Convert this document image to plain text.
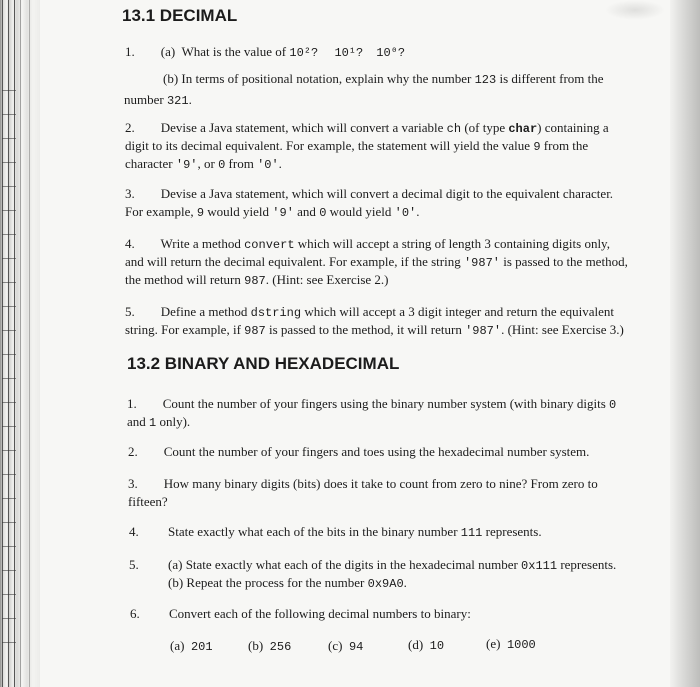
13.1 DECIMAL
1. (a) What is the value of 10²? 10¹? 10⁰?
(b) In terms of positional notation, explain why the number 123 is different from the
number 321.
2. Devise a Java statement, which will convert a variable ch (of type char) containing a
digit to its decimal equivalent. For example, the statement will yield the value 9 from the
character '9', or 0 from '0'.
3. Devise a Java statement, which will convert a decimal digit to the equivalent character.
For example, 9 would yield '9' and 0 would yield '0'.
4. Write a method convert which will accept a string of length 3 containing digits only,
and will return the decimal equivalent. For example, if the string '987' is passed to the method,
the method will return 987. (Hint: see Exercise 2.)
5. Define a method dstring which will accept a 3 digit integer and return the equivalent
string. For example, if 987 is passed to the method, it will return '987'. (Hint: see Exercise 3.)
13.2 BINARY AND HEXADECIMAL
1. Count the number of your fingers using the binary number system (with binary digits 0
and 1 only).
2. Count the number of your fingers and toes using the hexadecimal number system.
3. How many binary digits (bits) does it take to count from zero to nine? From zero to
fifteen?
4. State exactly what each of the bits in the binary number 111 represents.
5. (a) State exactly what each of the digits in the hexadecimal number 0x111 represents.
(b) Repeat the process for the number 0x9A0.
6. Convert each of the following decimal numbers to binary:
(a) 201	(b) 256	(c) 94	(d) 10	(e) 1000
